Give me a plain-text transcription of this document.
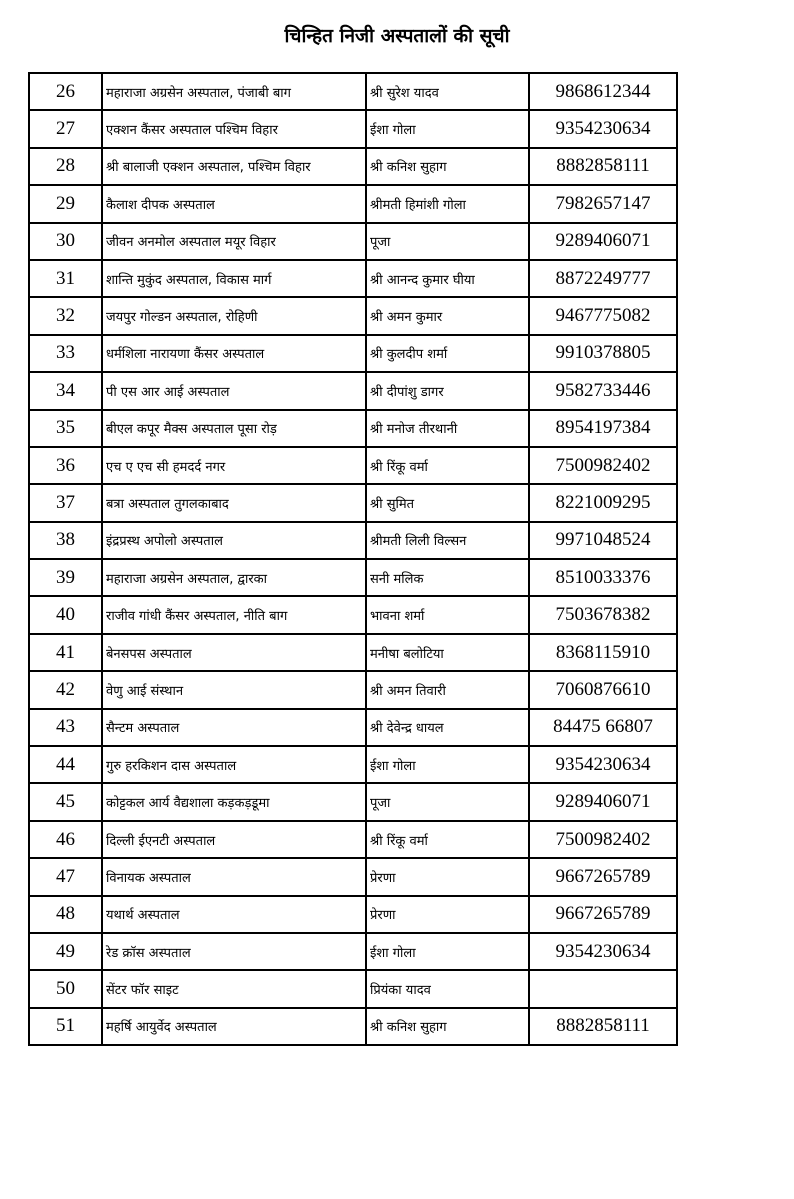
चिन्हित निजी अस्पतालों की सूची
26	महाराजा अग्रसेन अस्पताल, पंजाबी बाग	श्री सुरेश यादव	9868612344
27	एक्शन कैंसर अस्पताल पश्चिम विहार	ईशा गोला	9354230634
28	श्री बालाजी एक्शन अस्पताल, पश्चिम विहार	श्री कनिश सुहाग	8882858111
29	कैलाश दीपक अस्पताल	श्रीमती हिमांशी गोला	7982657147
30	जीवन अनमोल अस्पताल मयूर विहार	पूजा	9289406071
31	शान्ति मुकुंद अस्पताल, विकास मार्ग	श्री आनन्द कुमार घीया	8872249777
32	जयपुर गोल्डन अस्पताल, रोहिणी	श्री अमन कुमार	9467775082
33	धर्मशिला नारायणा कैंसर अस्पताल	श्री कुलदीप शर्मा	9910378805
34	पी एस आर आई अस्पताल	श्री दीपांशु डागर	9582733446
35	बीएल कपूर मैक्स अस्पताल पूसा रोड़	श्री मनोज तीरथानी	8954197384
36	एच ए एच सी हमदर्द नगर	श्री रिंकू वर्मा	7500982402
37	बत्रा अस्पताल तुगलकाबाद	श्री सुमित	8221009295
38	इंद्रप्रस्थ अपोलो अस्पताल	श्रीमती लिली विल्सन	9971048524
39	महाराजा अग्रसेन अस्पताल, द्वारका	सनी मलिक	8510033376
40	राजीव गांधी कैंसर अस्पताल, नीति बाग	भावना शर्मा	7503678382
41	बेनसपस अस्पताल	मनीषा बलोटिया	8368115910
42	वेणु आई संस्थान	श्री अमन तिवारी	7060876610
43	सैन्टम अस्पताल	श्री देवेन्द्र धायल	84475 66807
44	गुरु हरकिशन दास अस्पताल	ईशा गोला	9354230634
45	कोट्टकल आर्य वैद्यशाला कड़कड़डूमा	पूजा	9289406071
46	दिल्ली ईएनटी अस्पताल	श्री रिंकू वर्मा	7500982402
47	विनायक अस्पताल	प्रेरणा	9667265789
48	यथार्थ अस्पताल	प्रेरणा	9667265789
49	रेड क्रॉस अस्पताल	ईशा गोला	9354230634
50	सेंटर फॉर साइट	प्रियंका यादव	
51	महर्षि आयुर्वेद अस्पताल	श्री कनिश सुहाग	8882858111
